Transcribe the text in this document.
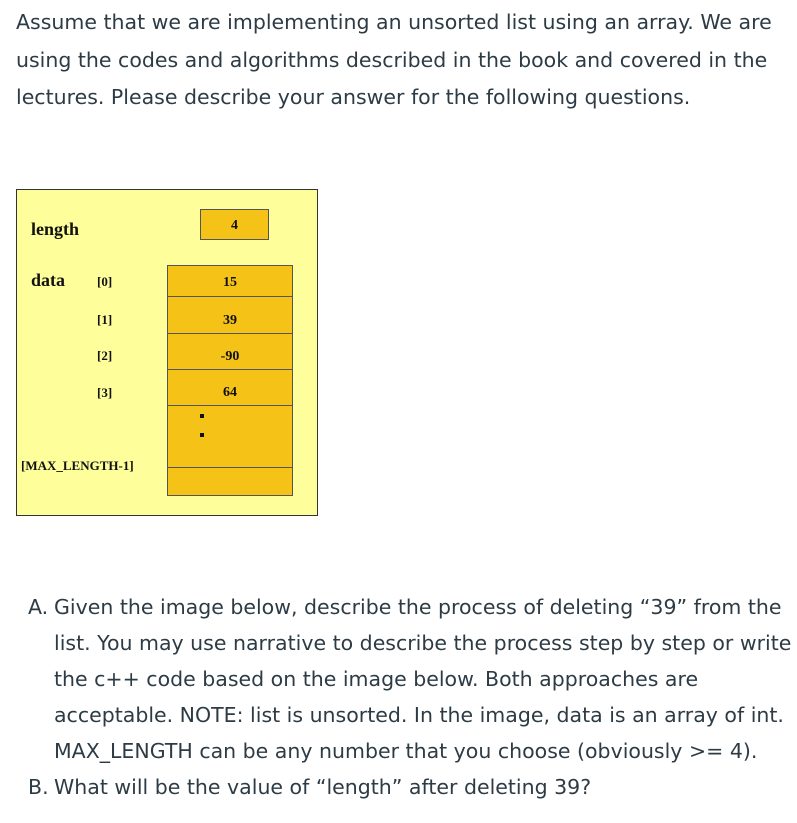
Assume that we are implementing an unsorted list using an array. We are

using the codes and algorithms described in the book and covered in the

lectures. Please describe your answer for the following questions.

length	4
data [0]
[1]
[2]
[3]
[MAX_LENGTH-1]
15
39
-90
64
A. Given the image below, describe the process of deleting “39” from the list. You may use narrative to describe the process step by step or write the c++ code based on the image below. Both approaches are acceptable. NOTE: list is unsorted. In the image, data is an array of int. MAX_LENGTH can be any number that you choose (obviously >= 4).
B. What will be the value of “length” after deleting 39?
